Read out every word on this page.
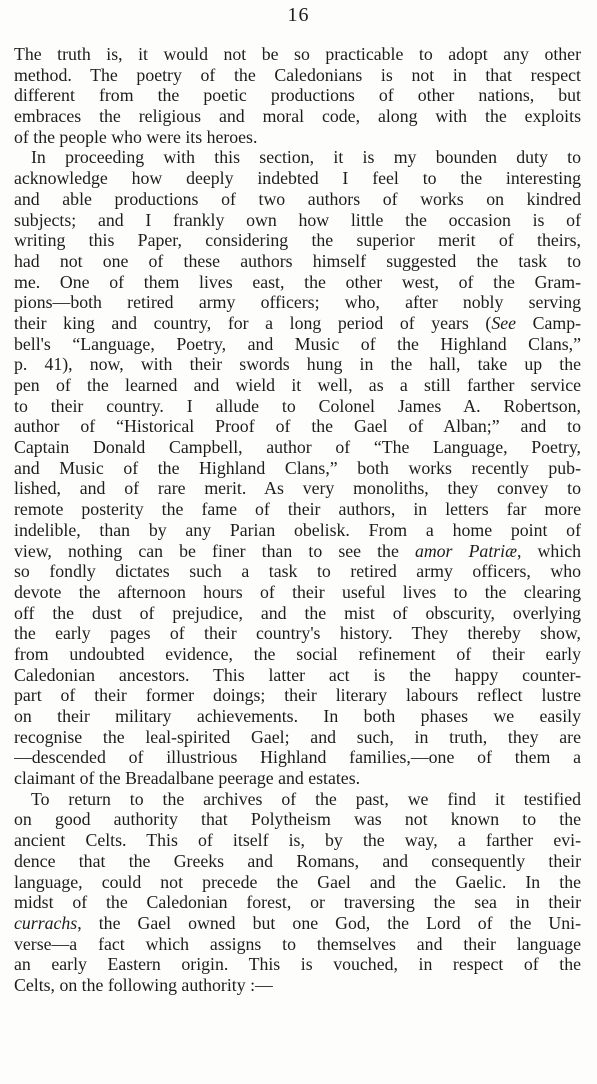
16
The truth is, it would not be so practicable to adopt any other
method. The poetry of the Caledonians is not in that respect
different from the poetic productions of other nations, but
embraces the religious and moral code, along with the exploits
of the people who were its heroes.
In proceeding with this section, it is my bounden duty to
acknowledge how deeply indebted I feel to the interesting
and able productions of two authors of works on kindred
subjects; and I frankly own how little the occasion is of
writing this Paper, considering the superior merit of theirs,
had not one of these authors himself suggested the task to
me. One of them lives east, the other west, of the Gram-
pions—both retired army officers; who, after nobly serving
their king and country, for a long period of years (See Camp-
bell's “Language, Poetry, and Music of the Highland Clans,”
p. 41), now, with their swords hung in the hall, take up the
pen of the learned and wield it well, as a still farther service
to their country. I allude to Colonel James A. Robertson,
author of “Historical Proof of the Gael of Alban;” and to
Captain Donald Campbell, author of “The Language, Poetry,
and Music of the Highland Clans,” both works recently pub-
lished, and of rare merit. As very monoliths, they convey to
remote posterity the fame of their authors, in letters far more
indelible, than by any Parian obelisk. From a home point of
view, nothing can be finer than to see the amor Patriæ, which
so fondly dictates such a task to retired army officers, who
devote the afternoon hours of their useful lives to the clearing
off the dust of prejudice, and the mist of obscurity, overlying
the early pages of their country's history. They thereby show,
from undoubted evidence, the social refinement of their early
Caledonian ancestors. This latter act is the happy counter-
part of their former doings; their literary labours reflect lustre
on their military achievements. In both phases we easily
recognise the leal-spirited Gael; and such, in truth, they are
—descended of illustrious Highland families,—one of them a
claimant of the Breadalbane peerage and estates.
To return to the archives of the past, we find it testified
on good authority that Polytheism was not known to the
ancient Celts. This of itself is, by the way, a farther evi-
dence that the Greeks and Romans, and consequently their
language, could not precede the Gael and the Gaelic. In the
midst of the Caledonian forest, or traversing the sea in their
currachs, the Gael owned but one God, the Lord of the Uni-
verse—a fact which assigns to themselves and their language
an early Eastern origin. This is vouched, in respect of the
Celts, on the following authority :—
